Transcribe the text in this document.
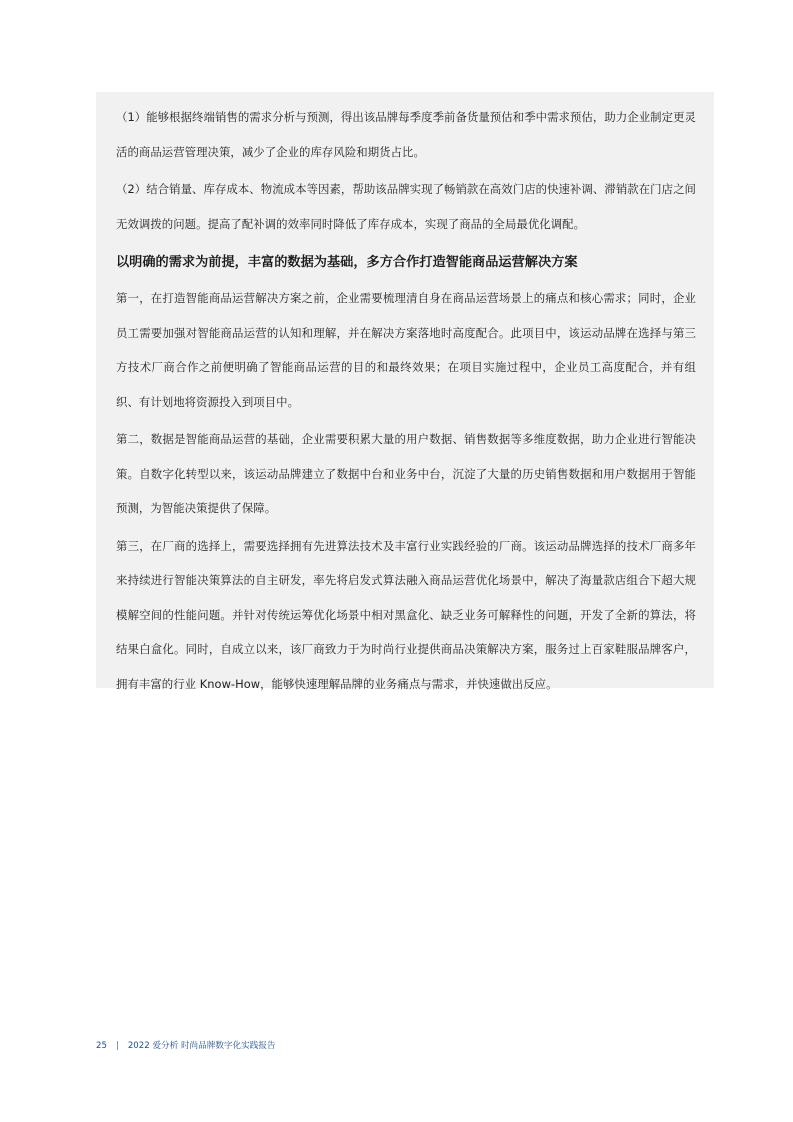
（1）能够根据终端销售的需求分析与预测，得出该品牌每季度季前备货量预估和季中需求预估，助力企业制定更灵活的商品运营管理决策，减少了企业的库存风险和期货占比。

（2）结合销量、库存成本、物流成本等因素，帮助该品牌实现了畅销款在高效门店的快速补调、滞销款在门店之间无效调拨的问题。提高了配补调的效率同时降低了库存成本，实现了商品的全局最优化调配。

以明确的需求为前提，丰富的数据为基础，多方合作打造智能商品运营解决方案

第一，在打造智能商品运营解决方案之前，企业需要梳理清自身在商品运营场景上的痛点和核心需求；同时，企业员工需要加强对智能商品运营的认知和理解，并在解决方案落地时高度配合。此项目中，该运动品牌在选择与第三方技术厂商合作之前便明确了智能商品运营的目的和最终效果；在项目实施过程中，企业员工高度配合，并有组织、有计划地将资源投入到项目中。

第二，数据是智能商品运营的基础，企业需要积累大量的用户数据、销售数据等多维度数据，助力企业进行智能决策。自数字化转型以来，该运动品牌建立了数据中台和业务中台，沉淀了大量的历史销售数据和用户数据用于智能预测，为智能决策提供了保障。

第三，在厂商的选择上，需要选择拥有先进算法技术及丰富行业实践经验的厂商。该运动品牌选择的技术厂商多年来持续进行智能决策算法的自主研发，率先将启发式算法融入商品运营优化场景中，解决了海量款店组合下超大规模解空间的性能问题。并针对传统运筹优化场景中相对黑盒化、缺乏业务可解释性的问题，开发了全新的算法，将结果白盒化。同时，自成立以来，该厂商致力于为时尚行业提供商品决策解决方案，服务过上百家鞋服品牌客户，拥有丰富的行业 Know-How，能够快速理解品牌的业务痛点与需求，并快速做出反应。

25 | 2022 爱分析 时尚品牌数字化实践报告
